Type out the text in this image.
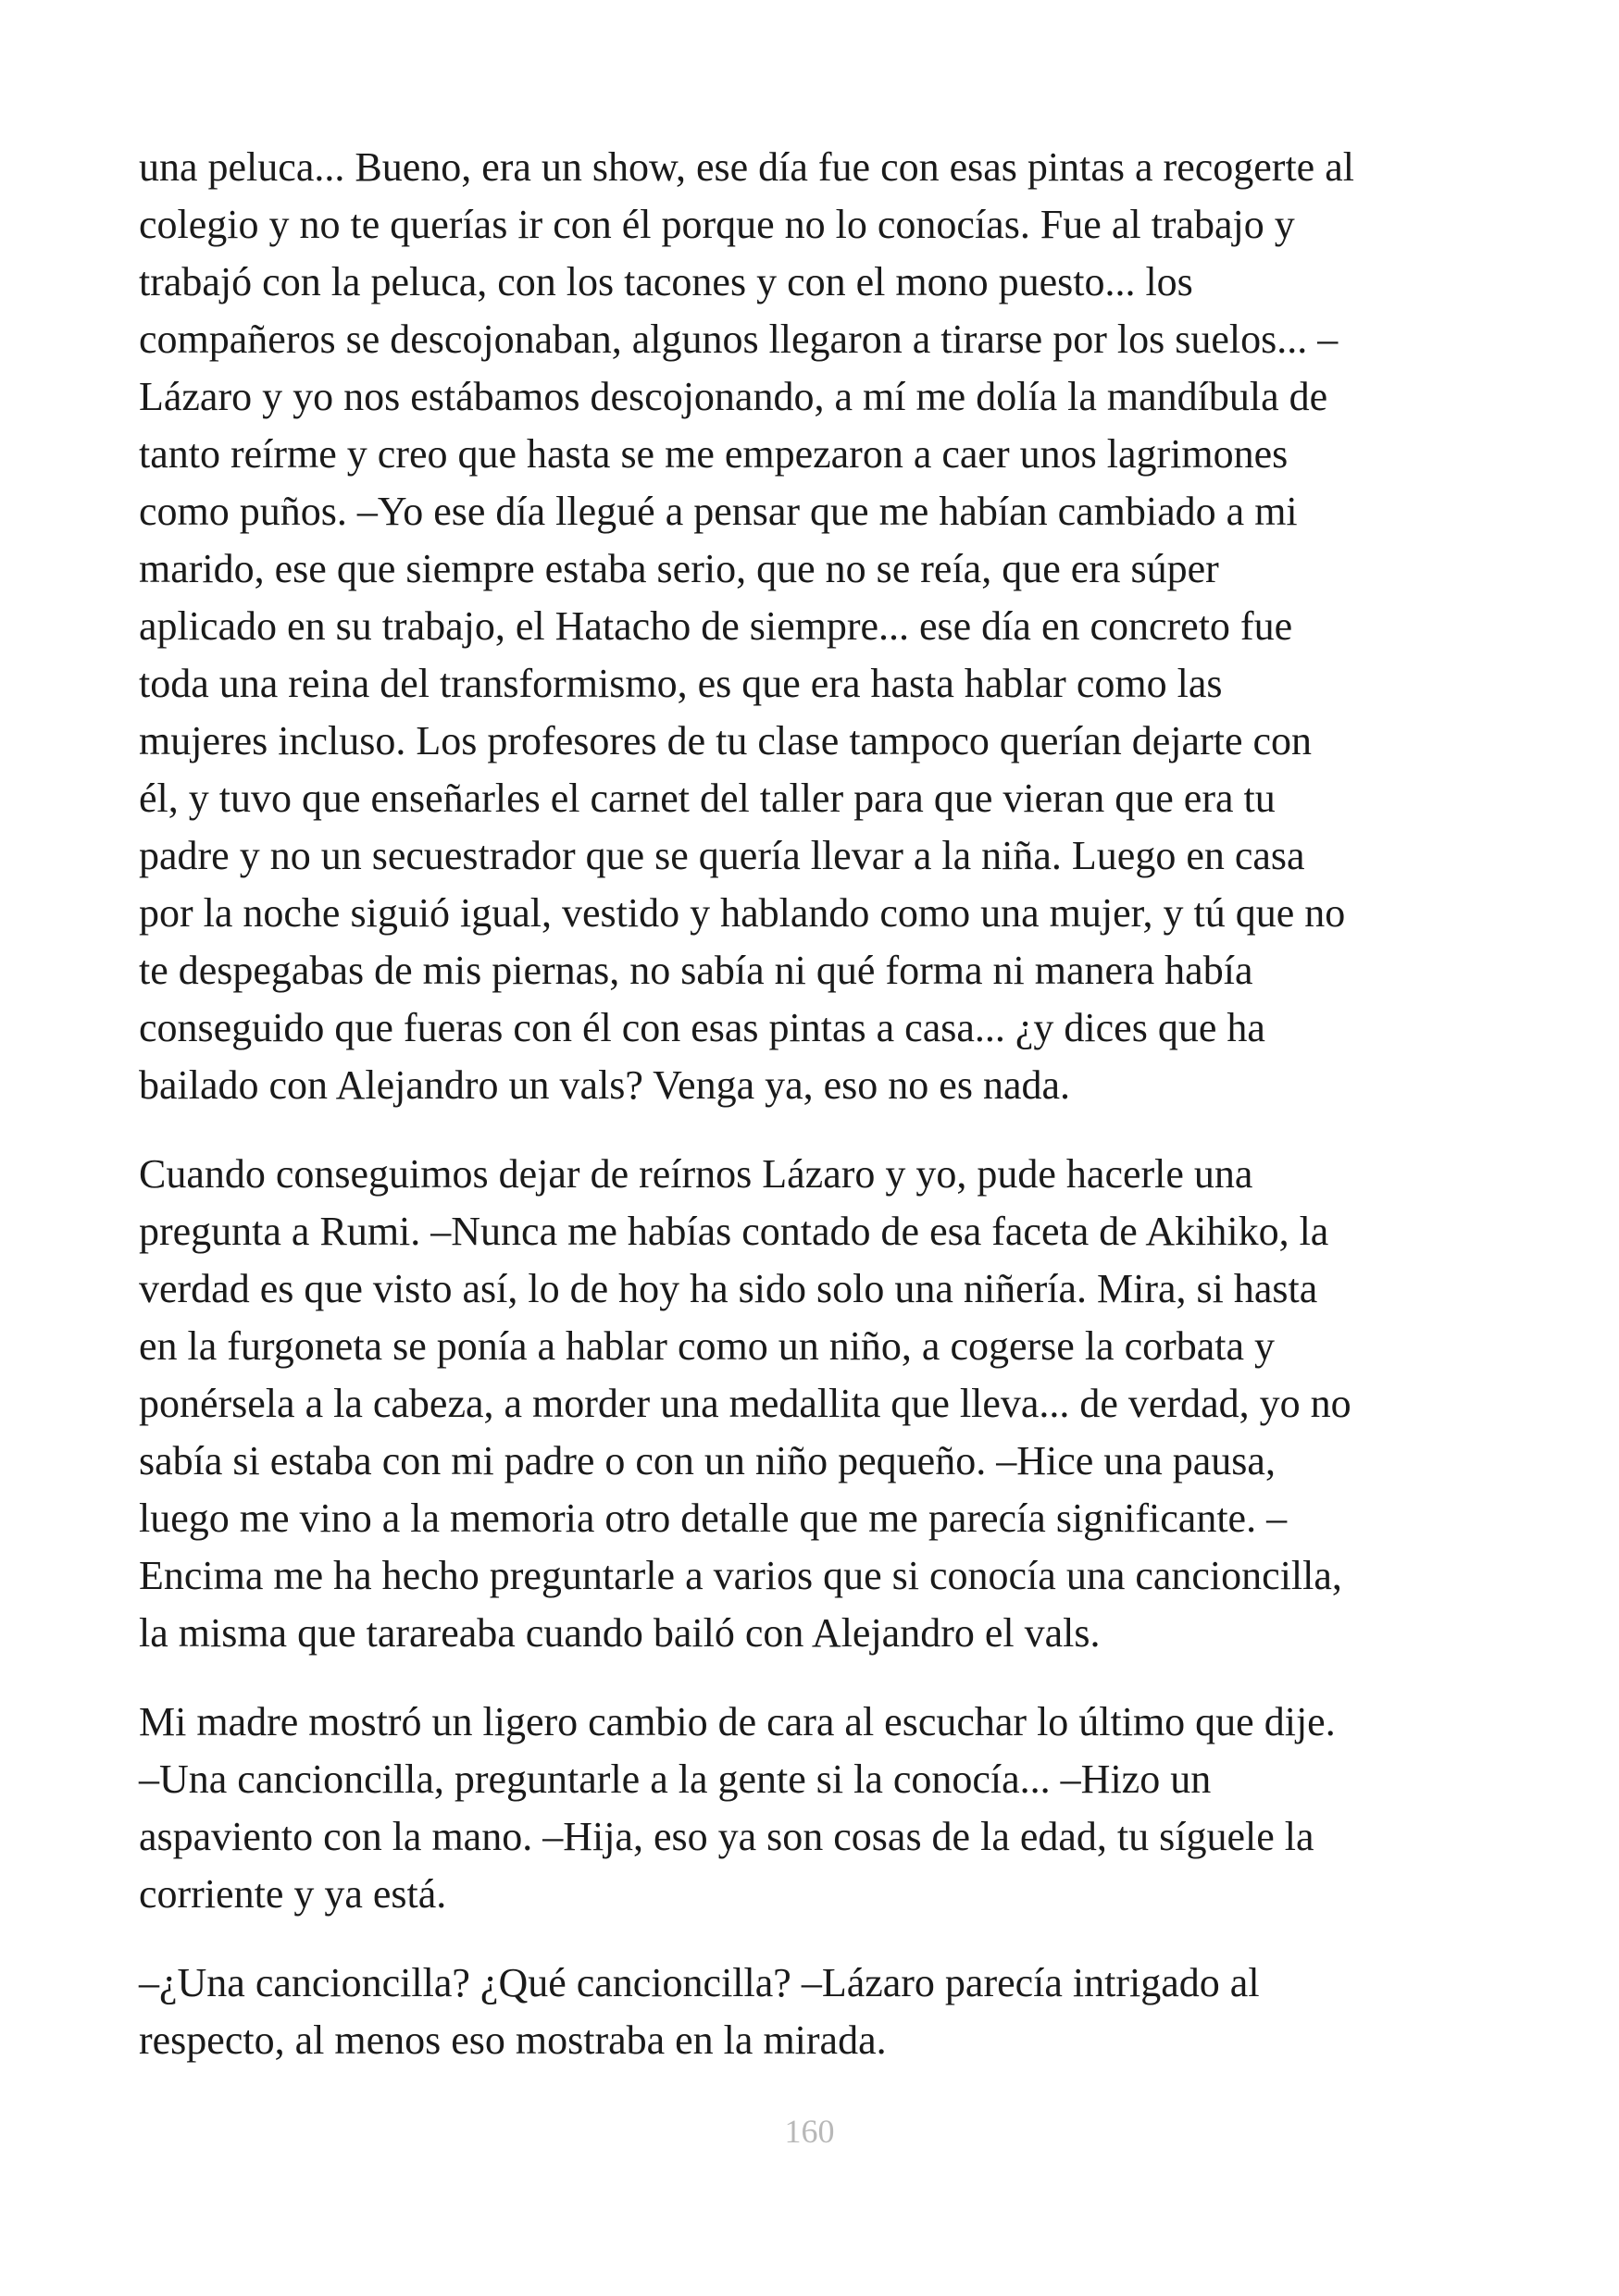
una peluca... Bueno, era un show, ese día fue con esas pintas a recogerte al
colegio y no te querías ir con él porque no lo conocías. Fue al trabajo y
trabajó con la peluca, con los tacones y con el mono puesto... los
compañeros se descojonaban, algunos llegaron a tirarse por los suelos... –
Lázaro y yo nos estábamos descojonando, a mí me dolía la mandíbula de
tanto reírme y creo que hasta se me empezaron a caer unos lagrimones
como puños. –Yo ese día llegué a pensar que me habían cambiado a mi
marido, ese que siempre estaba serio, que no se reía, que era súper
aplicado en su trabajo, el Hatacho de siempre... ese día en concreto fue
toda una reina del transformismo, es que era hasta hablar como las
mujeres incluso. Los profesores de tu clase tampoco querían dejarte con
él, y tuvo que enseñarles el carnet del taller para que vieran que era tu
padre y no un secuestrador que se quería llevar a la niña. Luego en casa
por la noche siguió igual, vestido y hablando como una mujer, y tú que no
te despegabas de mis piernas, no sabía ni qué forma ni manera había
conseguido que fueras con él con esas pintas a casa... ¿y dices que ha
bailado con Alejandro un vals? Venga ya, eso no es nada.

Cuando conseguimos dejar de reírnos Lázaro y yo, pude hacerle una
pregunta a Rumi. –Nunca me habías contado de esa faceta de Akihiko, la
verdad es que visto así, lo de hoy ha sido solo una niñería. Mira, si hasta
en la furgoneta se ponía a hablar como un niño, a cogerse la corbata y
ponérsela a la cabeza, a morder una medallita que lleva... de verdad, yo no
sabía si estaba con mi padre o con un niño pequeño. –Hice una pausa,
luego me vino a la memoria otro detalle que me parecía significante. –
Encima me ha hecho preguntarle a varios que si conocía una cancioncilla,
la misma que tarareaba cuando bailó con Alejandro el vals.

Mi madre mostró un ligero cambio de cara al escuchar lo último que dije.
–Una cancioncilla, preguntarle a la gente si la conocía... –Hizo un
aspaviento con la mano. –Hija, eso ya son cosas de la edad, tu síguele la
corriente y ya está.

–¿Una cancioncilla? ¿Qué cancioncilla? –Lázaro parecía intrigado al
respecto, al menos eso mostraba en la mirada.

160
